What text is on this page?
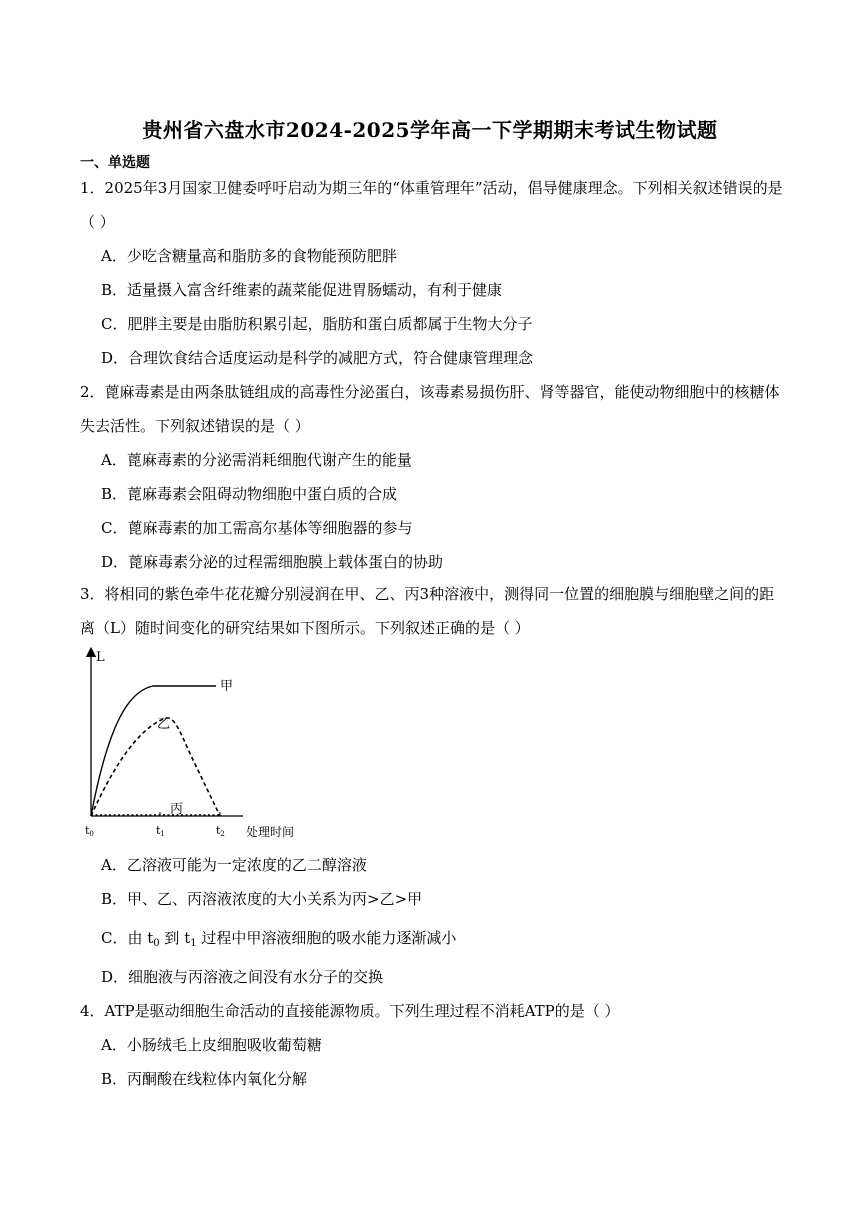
贵州省六盘水市2024-2025学年高一下学期期末考试生物试题
一、单选题
1．2025年3月国家卫健委呼吁启动为期三年的“体重管理年”活动，倡导健康理念。下列相关叙述错误的是
（ ）
A．少吃含糖量高和脂肪多的食物能预防肥胖
B．适量摄入富含纤维素的蔬菜能促进胃肠蠕动，有利于健康
C．肥胖主要是由脂肪积累引起，脂肪和蛋白质都属于生物大分子
D．合理饮食结合适度运动是科学的减肥方式，符合健康管理理念
2．蓖麻毒素是由两条肽链组成的高毒性分泌蛋白，该毒素易损伤肝、肾等器官，能使动物细胞中的核糖体
失去活性。下列叙述错误的是（ ）
A．蓖麻毒素的分泌需消耗细胞代谢产生的能量
B．蓖麻毒素会阻碍动物细胞中蛋白质的合成
C．蓖麻毒素的加工需高尔基体等细胞器的参与
D．蓖麻毒素分泌的过程需细胞膜上载体蛋白的协助
3．将相同的紫色牵牛花花瓣分别浸润在甲、乙、丙3种溶液中，测得同一位置的细胞膜与细胞壁之间的距
离（L）随时间变化的研究结果如下图所示。下列叙述正确的是（ ）
L
处理时间
t0	t1	t2
甲
乙
丙
A．乙溶液可能为一定浓度的乙二醇溶液
B．甲、乙、丙溶液浓度的大小关系为丙>乙>甲
C．由 $t_0$ 到 $t_1$ 过程中甲溶液细胞的吸水能力逐渐减小
D．细胞液与丙溶液之间没有水分子的交换
4．ATP是驱动细胞生命活动的直接能源物质。下列生理过程不消耗ATP的是（ ）
A．小肠绒毛上皮细胞吸收葡萄糖
B．丙酮酸在线粒体内氧化分解
